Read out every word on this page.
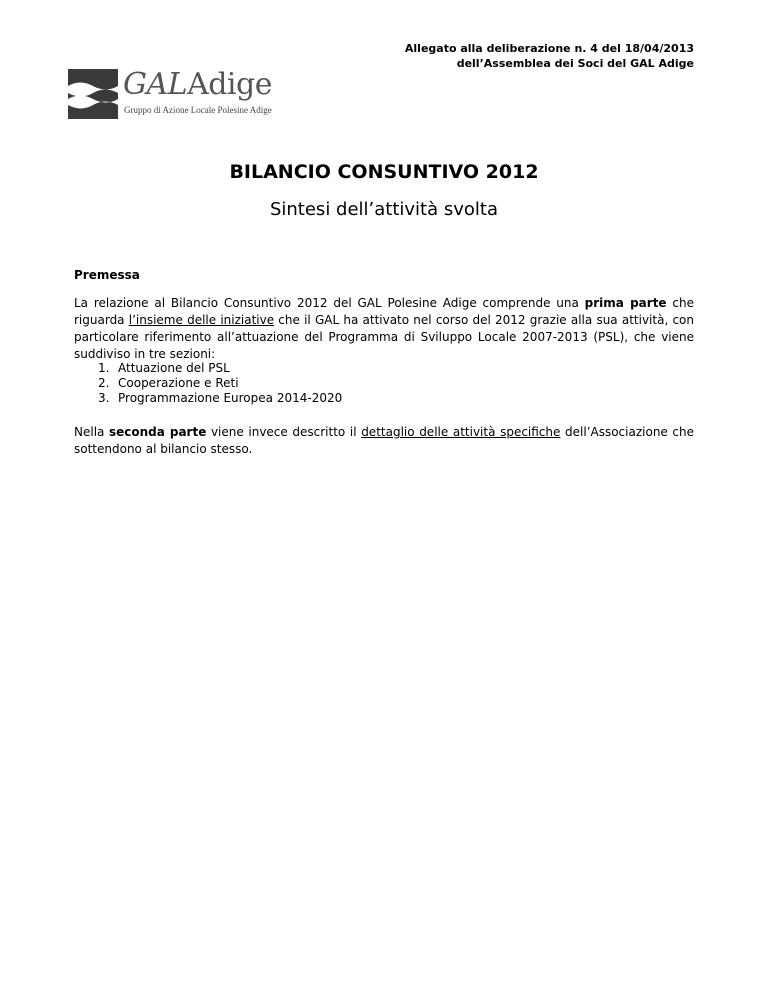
Allegato alla deliberazione n. 4 del 18/04/2013
dell’Assemblea dei Soci del GAL Adige
GALAdige
Gruppo di Azione Locale Polesine Adige
BILANCIO CONSUNTIVO 2012
Sintesi dell’attività svolta
Premessa
La relazione al Bilancio Consuntivo 2012 del GAL Polesine Adige comprende una prima parte che riguarda l’insieme delle iniziative che il GAL ha attivato nel corso del 2012 grazie alla sua attività, con particolare riferimento all’attuazione del Programma di Sviluppo Locale 2007-2013 (PSL), che viene suddiviso in tre sezioni:
1. Attuazione del PSL
2. Cooperazione e Reti
3. Programmazione Europea 2014-2020
Nella seconda parte viene invece descritto il dettaglio delle attività specifiche dell’Associazione che sottendono al bilancio stesso.
